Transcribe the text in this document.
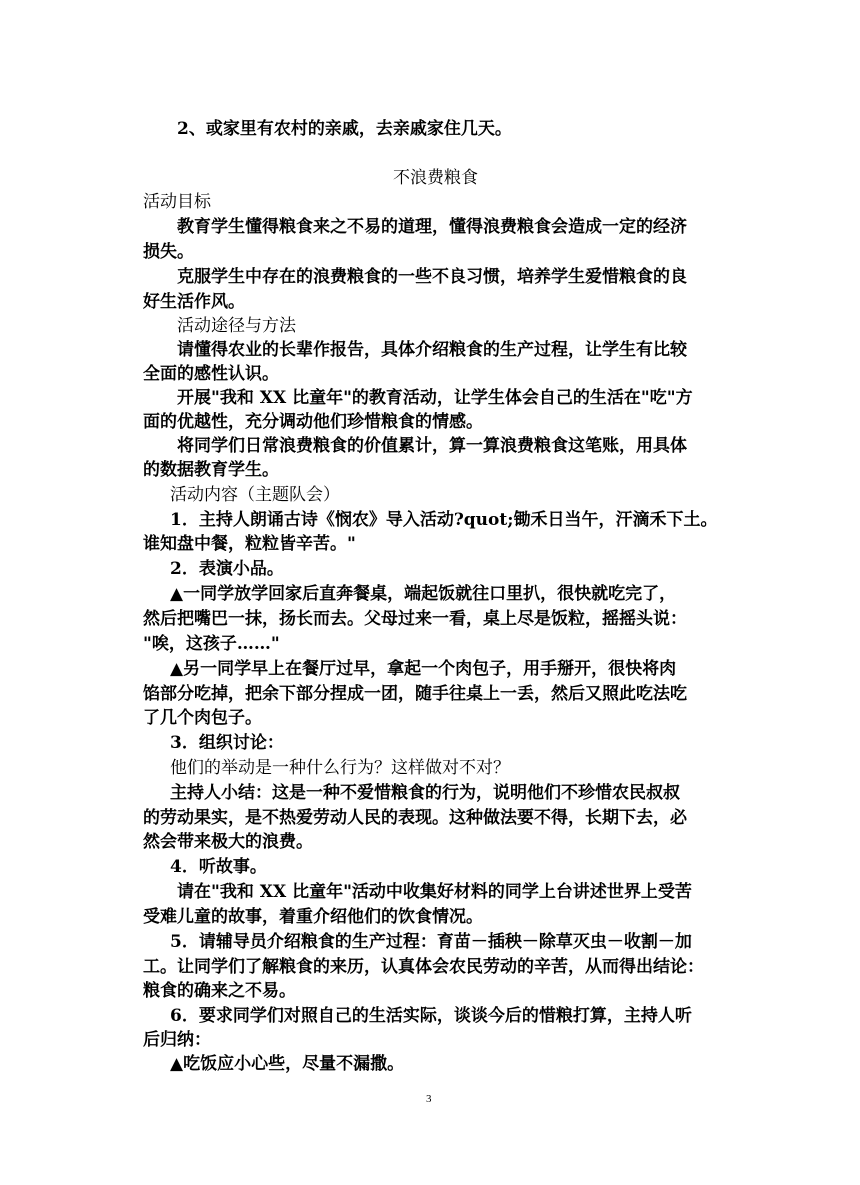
2、或家里有农村的亲戚，去亲戚家住几天。
不浪费粮食
活动目标
教育学生懂得粮食来之不易的道理，懂得浪费粮食会造成一定的经济
损失。
克服学生中存在的浪费粮食的一些不良习惯，培养学生爱惜粮食的良
好生活作风。
活动途径与方法
请懂得农业的长辈作报告，具体介绍粮食的生产过程，让学生有比较
全面的感性认识。
开展"我和 XX 比童年"的教育活动，让学生体会自己的生活在"吃"方
面的优越性，充分调动他们珍惜粮食的情感。
将同学们日常浪费粮食的价值累计，算一算浪费粮食这笔账，用具体
的数据教育学生。
活动内容（主题队会）
1．主持人朗诵古诗《悯农》导入活动?quot;锄禾日当午，汗滴禾下土。
谁知盘中餐，粒粒皆辛苦。"
2．表演小品。
▲一同学放学回家后直奔餐桌，端起饭就往口里扒，很快就吃完了，
然后把嘴巴一抹，扬长而去。父母过来一看，桌上尽是饭粒，摇摇头说：
"唉，这孩子……"
▲另一同学早上在餐厅过早，拿起一个肉包子，用手掰开，很快将肉
馅部分吃掉，把余下部分捏成一团，随手往桌上一丢，然后又照此吃法吃
了几个肉包子。
3．组织讨论：
他们的举动是一种什么行为？这样做对不对？
主持人小结：这是一种不爱惜粮食的行为，说明他们不珍惜农民叔叔
的劳动果实，是不热爱劳动人民的表现。这种做法要不得，长期下去，必
然会带来极大的浪费。
4．听故事。
请在"我和 XX 比童年"活动中收集好材料的同学上台讲述世界上受苦
受难儿童的故事，着重介绍他们的饮食情况。
5．请辅导员介绍粮食的生产过程：育苗－插秧－除草灭虫－收割－加
工。让同学们了解粮食的来历，认真体会农民劳动的辛苦，从而得出结论：
粮食的确来之不易。
6．要求同学们对照自己的生活实际，谈谈今后的惜粮打算，主持人听
后归纳：
▲吃饭应小心些，尽量不漏撒。
3
